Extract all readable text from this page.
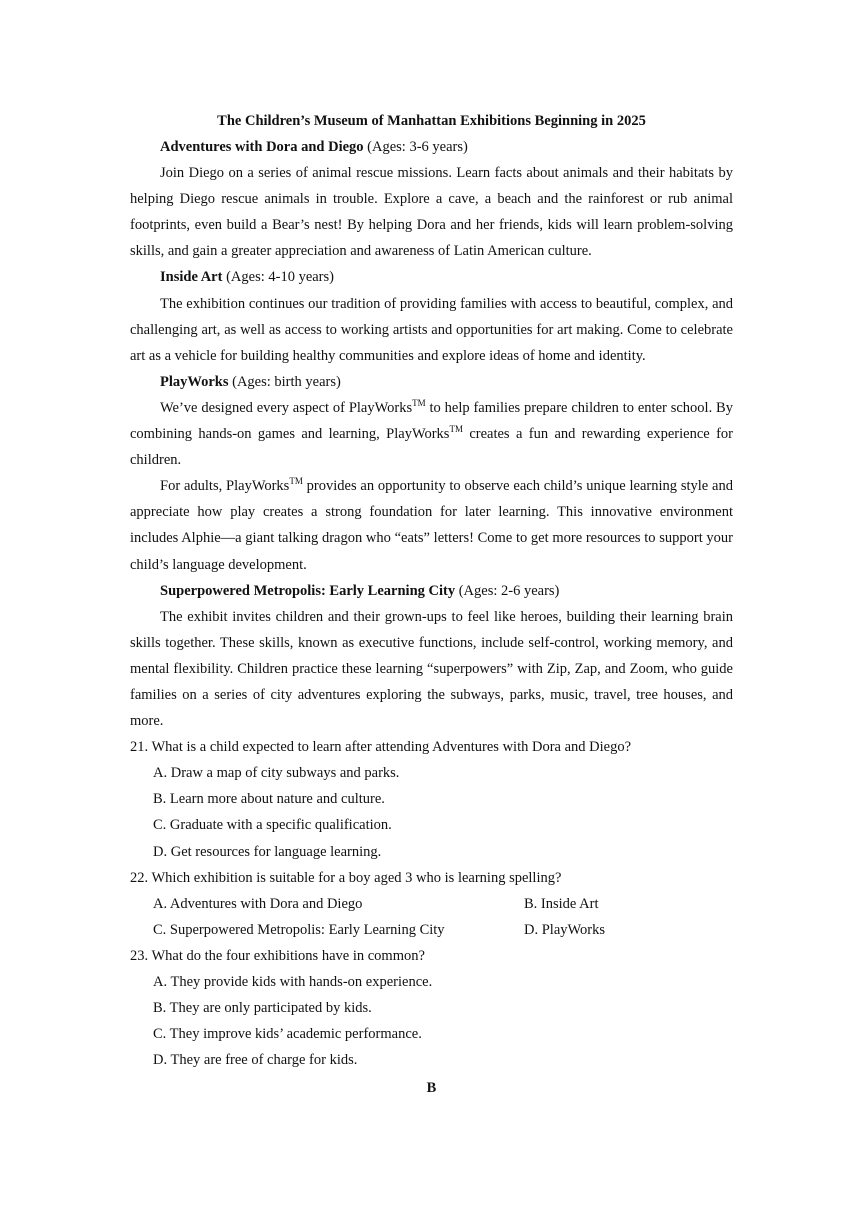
The Children’s Museum of Manhattan Exhibitions Beginning in 2025
Adventures with Dora and Diego (Ages: 3-6 years)

Join Diego on a series of animal rescue missions. Learn facts about animals and their habitats by helping Diego rescue animals in trouble. Explore a cave, a beach and the rainforest or rub animal footprints, even build a Bear’s nest! By helping Dora and her friends, kids will learn problem-solving skills, and gain a greater appreciation and awareness of Latin American culture.

Inside Art (Ages: 4-10 years)

The exhibition continues our tradition of providing families with access to beautiful, complex, and challenging art, as well as access to working artists and opportunities for art making. Come to celebrate art as a vehicle for building healthy communities and explore ideas of home and identity.

PlayWorks (Ages: birth years)

We’ve designed every aspect of PlayWorks™ to help families prepare children to enter school. By combining hands-on games and learning, PlayWorks™ creates a fun and rewarding experience for children.

For adults, PlayWorks™ provides an opportunity to observe each child’s unique learning style and appreciate how play creates a strong foundation for later learning. This innovative environment includes Alphie—a giant talking dragon who “eats” letters! Come to get more resources to support your child’s language development.

Superpowered Metropolis: Early Learning City (Ages: 2-6 years)

The exhibit invites children and their grown-ups to feel like heroes, building their learning brain skills together. These skills, known as executive functions, include self-control, working memory, and mental flexibility. Children practice these learning “superpowers” with Zip, Zap, and Zoom, who guide families on a series of city adventures exploring the subways, parks, music, travel, tree houses, and more.

21. What is a child expected to learn after attending Adventures with Dora and Diego?
A. Draw a map of city subways and parks.
B. Learn more about nature and culture.
C. Graduate with a specific qualification.
D. Get resources for language learning.
22. Which exhibition is suitable for a boy aged 3 who is learning spelling?
A. Adventures with Dora and Diego	B. Inside Art
C. Superpowered Metropolis: Early Learning City	D. PlayWorks
23. What do the four exhibitions have in common?
A. They provide kids with hands-on experience.
B. They are only participated by kids.
C. They improve kids’ academic performance.
D. They are free of charge for kids.
B
